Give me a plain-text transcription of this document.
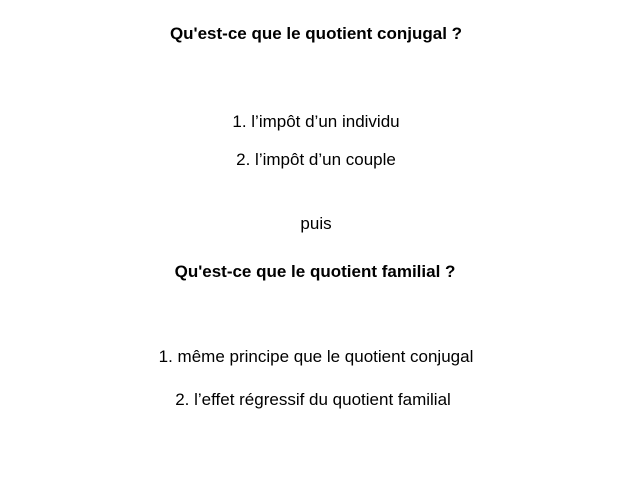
Qu'est-ce que le quotient conjugal ?
1. l’impôt d’un individu
2. l’impôt d’un couple
puis
Qu'est-ce que le quotient familial ?
1. même principe que le quotient conjugal
2. l’effet régressif du quotient familial
